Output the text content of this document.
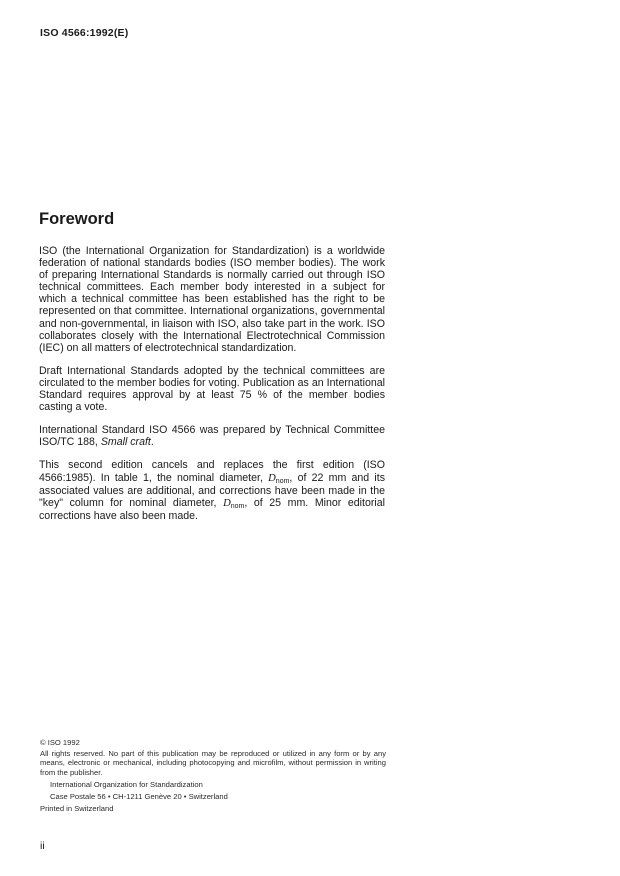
ISO 4566:1992(E)
Foreword

ISO (the International Organization for Standardization) is a worldwide federation of national standards bodies (ISO member bodies). The work of preparing International Standards is normally carried out through ISO technical committees. Each member body interested in a subject for which a technical committee has been established has the right to be represented on that committee. International organizations, governmental and non-governmental, in liaison with ISO, also take part in the work. ISO collaborates closely with the International Electrotechnical Commission (IEC) on all matters of electrotechnical standardization.

Draft International Standards adopted by the technical committees are circulated to the member bodies for voting. Publication as an International Standard requires approval by at least 75 % of the member bodies casting a vote.

International Standard ISO 4566 was prepared by Technical Committee ISO/TC 188, Small craft.

This second edition cancels and replaces the first edition (ISO 4566:1985). In table 1, the nominal diameter, $D_{nom}$, of 22 mm and its associated values are additional, and corrections have been made in the "key" column for nominal diameter, $D_{nom}$, of 25 mm. Minor editorial corrections have also been made.

© ISO 1992
All rights reserved. No part of this publication may be reproduced or utilized in any form or by any means, electronic or mechanical, including photocopying and microfilm, without permission in writing from the publisher.
International Organization for Standardization
Case Postale 56 • CH-1211 Genève 20 • Switzerland
Printed in Switzerland
ii
